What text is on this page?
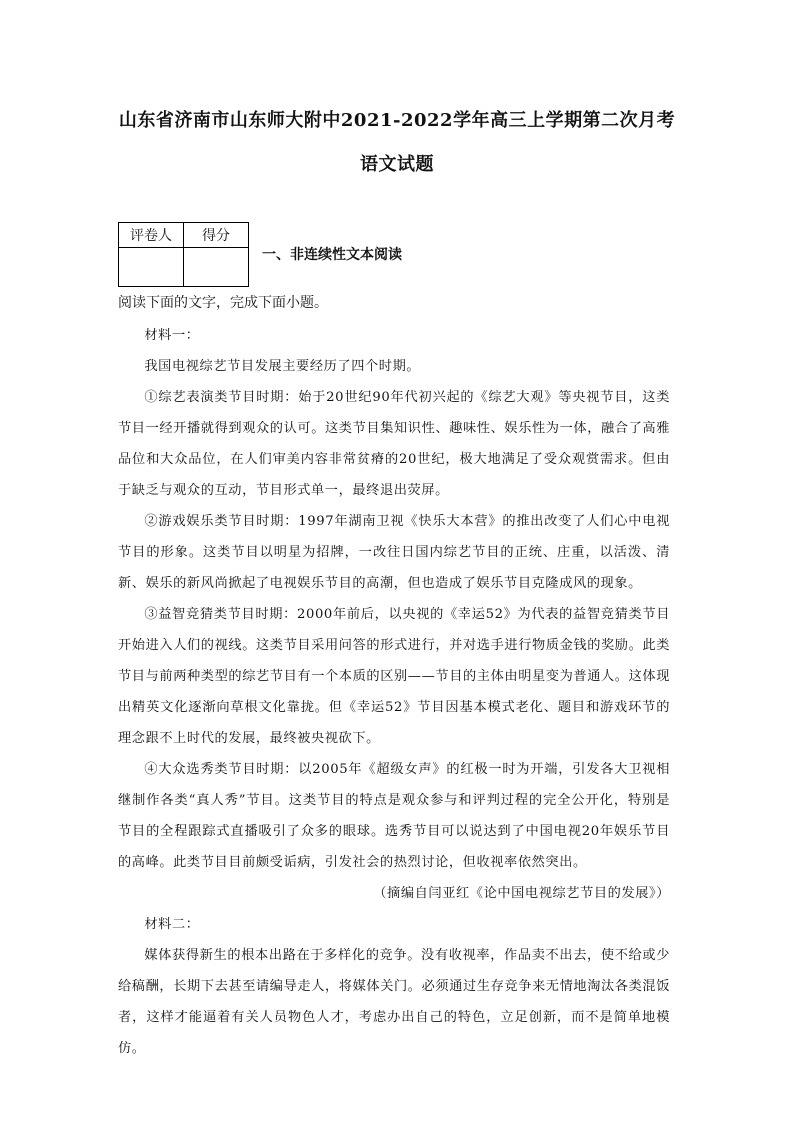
山东省济南市山东师大附中2021-2022学年高三上学期第二次月考
语文试题
评卷人	得分

一、非连续性文本阅读
阅读下面的文字，完成下面小题。

材料一：

我国电视综艺节目发展主要经历了四个时期。

①综艺表演类节目时期：始于20世纪90年代初兴起的《综艺大观》等央视节目，这类节目一经开播就得到观众的认可。这类节目集知识性、趣味性、娱乐性为一体，融合了高雅品位和大众品位，在人们审美内容非常贫瘠的20世纪，极大地满足了受众观赏需求。但由于缺乏与观众的互动，节目形式单一，最终退出荧屏。

②游戏娱乐类节目时期：1997年湖南卫视《快乐大本营》的推出改变了人们心中电视节目的形象。这类节目以明星为招牌，一改往日国内综艺节目的正统、庄重，以活泼、清新、娱乐的新风尚掀起了电视娱乐节目的高潮，但也造成了娱乐节目克隆成风的现象。

③益智竞猜类节目时期：2000年前后，以央视的《幸运52》为代表的益智竞猜类节目开始进入人们的视线。这类节目采用问答的形式进行，并对选手进行物质金钱的奖励。此类节目与前两种类型的综艺节目有一个本质的区别——节目的主体由明星变为普通人。这体现出精英文化逐渐向草根文化靠拢。但《幸运52》节目因基本模式老化、题目和游戏环节的理念跟不上时代的发展，最终被央视砍下。

④大众选秀类节目时期：以2005年《超级女声》的红极一时为开端，引发各大卫视相继制作各类“真人秀”节目。这类节目的特点是观众参与和评判过程的完全公开化，特别是节目的全程跟踪式直播吸引了众多的眼球。选秀节目可以说达到了中国电视20年娱乐节目的高峰。此类节目目前颇受诟病，引发社会的热烈讨论，但收视率依然突出。

（摘编自闫亚红《论中国电视综艺节目的发展》）

材料二：

媒体获得新生的根本出路在于多样化的竞争。没有收视率，作品卖不出去，使不给或少给稿酬，长期下去甚至请编导走人，将媒体关门。必须通过生存竞争来无情地淘汰各类混饭者，这样才能逼着有关人员物色人才，考虑办出自己的特色，立足创新，而不是简单地模仿。
